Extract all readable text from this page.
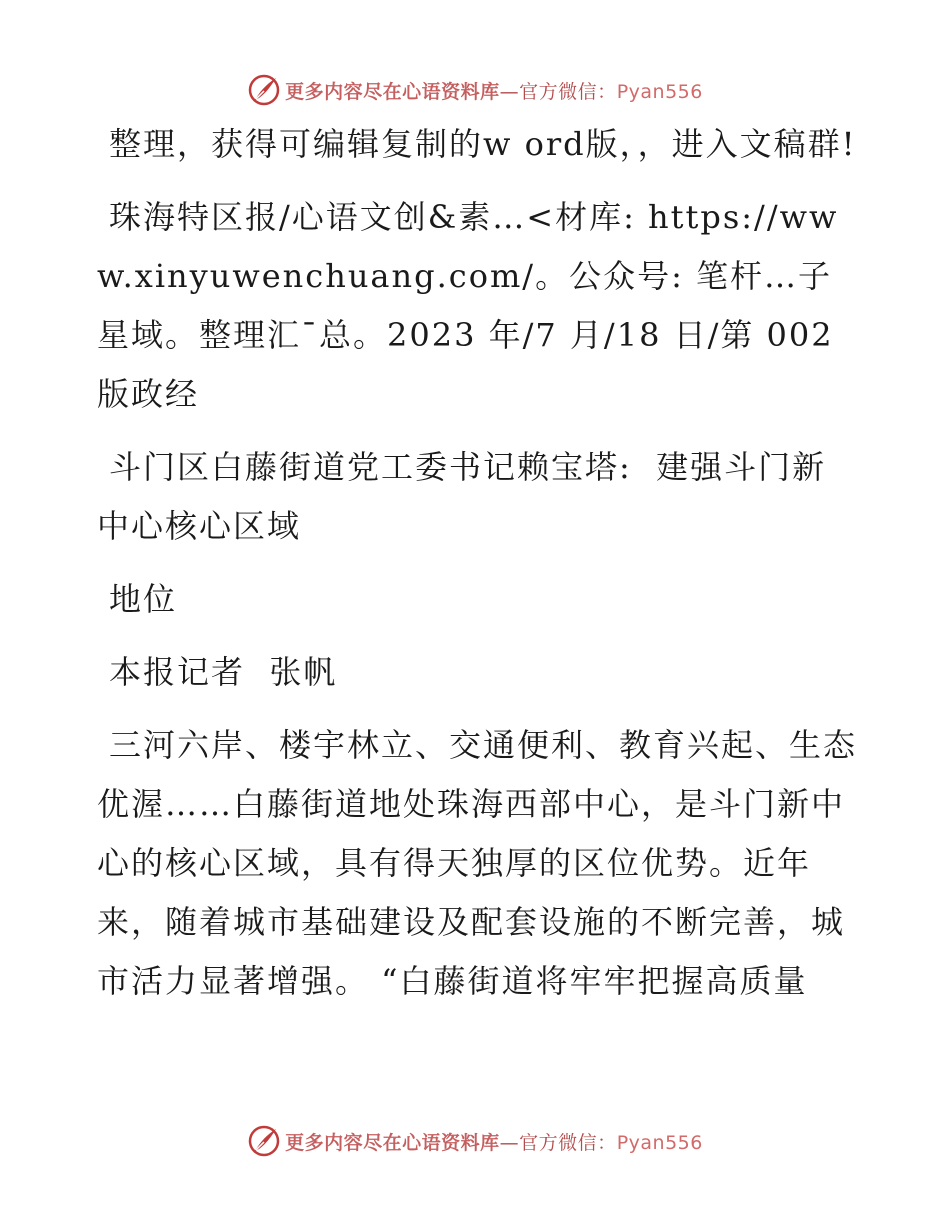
更多内容尽在心语资料库—官方微信：Pyan556

整理，获得可编辑复制的w ord版，，进入文稿群!

珠海特区报/心语文创&素…<材库: https://www.xinyuwenchuang.com/。公众号: 笔杆…子星域。整理汇¯总。2023 年/7 月/18 日/第 002 版政经

斗门区白藤街道党工委书记赖宝塔:  建强斗门新中心核心区域

地位

本报记者  张帆

三河六岸、楼宇林立、交通便利、教育兴起、生态优渥……白藤街道地处珠海西部中心，是斗门新中心的核心区域，具有得天独厚的区位优势。近年来，随着城市基础建设及配套设施的不断完善，城市活力显著增强。 “白藤街道将牢牢把握高质量

更多内容尽在心语资料库—官方微信：Pyan556
